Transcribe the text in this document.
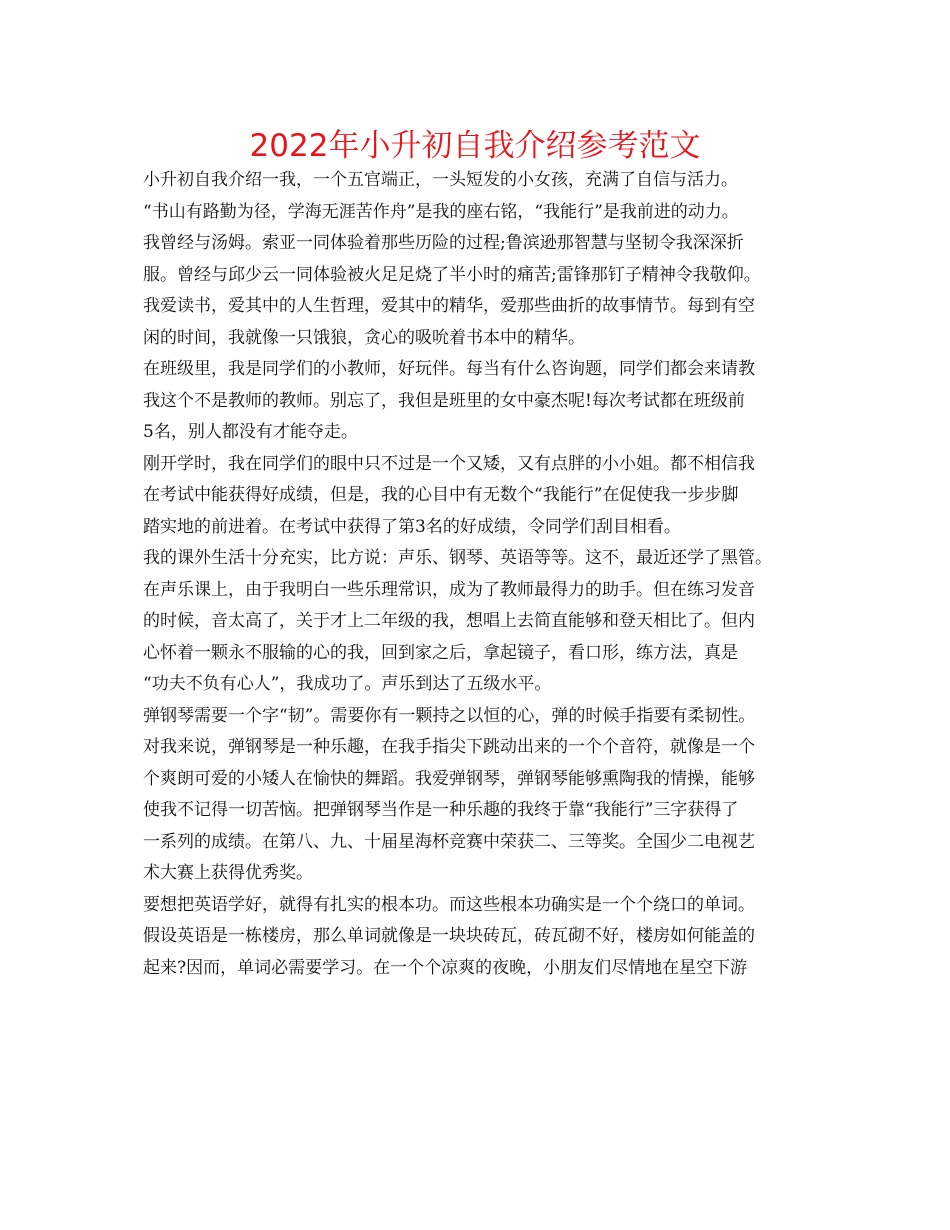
2022年小升初自我介绍参考范文
小升初自我介绍一我，一个五官端正，一头短发的小女孩，充满了自信与活力。
“书山有路勤为径，学海无涯苦作舟”是我的座右铭，“我能行”是我前进的动力。
我曾经与汤姆。索亚一同体验着那些历险的过程;鲁滨逊那智慧与坚韧令我深深折
服。曾经与邱少云一同体验被火足足烧了半小时的痛苦;雷锋那钉子精神令我敬仰。
我爱读书，爱其中的人生哲理，爱其中的精华，爱那些曲折的故事情节。每到有空
闲的时间，我就像一只饿狼，贪心的吸吮着书本中的精华。
在班级里，我是同学们的小教师，好玩伴。每当有什么咨询题，同学们都会来请教
我这个不是教师的教师。别忘了，我但是班里的女中豪杰呢!每次考试都在班级前
5名，别人都没有才能夺走。
刚开学时，我在同学们的眼中只不过是一个又矮，又有点胖的小小姐。都不相信我
在考试中能获得好成绩，但是，我的心目中有无数个“我能行”在促使我一步步脚
踏实地的前进着。在考试中获得了第3名的好成绩，令同学们刮目相看。
我的课外生活十分充实，比方说：声乐、钢琴、英语等等。这不，最近还学了黑管。
在声乐课上，由于我明白一些乐理常识，成为了教师最得力的助手。但在练习发音
的时候，音太高了，关于才上二年级的我，想唱上去简直能够和登天相比了。但内
心怀着一颗永不服输的心的我，回到家之后，拿起镜子，看口形，练方法，真是
“功夫不负有心人”，我成功了。声乐到达了五级水平。
弹钢琴需要一个字“韧”。需要你有一颗持之以恒的心，弹的时候手指要有柔韧性。
对我来说，弹钢琴是一种乐趣，在我手指尖下跳动出来的一个个音符，就像是一个
个爽朗可爱的小矮人在愉快的舞蹈。我爱弹钢琴，弹钢琴能够熏陶我的情操，能够
使我不记得一切苦恼。把弹钢琴当作是一种乐趣的我终于靠“我能行”三字获得了
一系列的成绩。在第八、九、十届星海杯竞赛中荣获二、三等奖。全国少二电视艺
术大赛上获得优秀奖。
要想把英语学好，就得有扎实的根本功。而这些根本功确实是一个个绕口的单词。
假设英语是一栋楼房，那么单词就像是一块块砖瓦，砖瓦砌不好，楼房如何能盖的
起来?因而，单词必需要学习。在一个个凉爽的夜晚，小朋友们尽情地在星空下游
